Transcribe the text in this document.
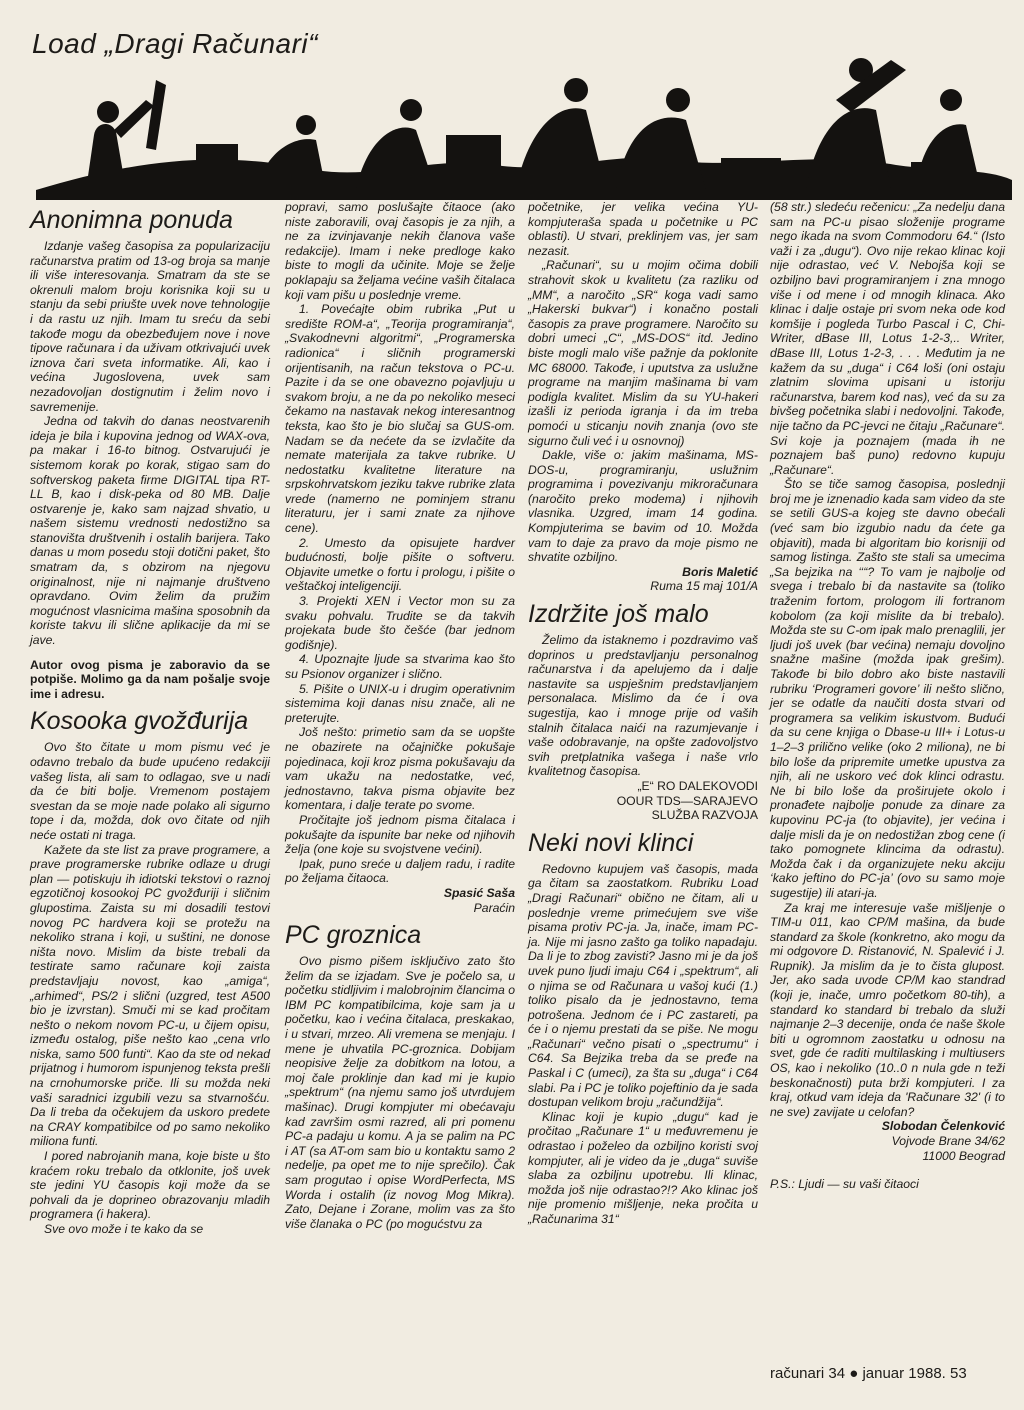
Load „Dragi Računari“
Anonimna ponuda

Izdanje vašeg časopisa za popularizaciju računarstva pratim od 13-og broja sa manje ili više interesovanja. Smatram da ste se okrenuli malom broju korisnika koji su u stanju da sebi priušte uvek nove tehnologije i da rastu uz njih. Imam tu sreću da sebi takođe mogu da obezbeđujem nove i nove tipove računara i da uživam otkrivajući uvek iznova čari sveta informatike. Ali, kao i većina Jugoslovena, uvek sam nezadovoljan dostignutim i želim novo i savremenije.

Jedna od takvih do danas neostvarenih ideja je bila i kupovina jednog od WAX-ova, pa makar i 16-to bitnog. Ostvarujući je sistemom korak po korak, stigao sam do softverskog paketa firme DIGITAL tipa RT-LL B, kao i disk-peka od 80 MB. Dalje ostvarenje je, kako sam najzad shvatio, u našem sistemu vrednosti nedostižno sa stanovišta društvenih i ostalih barijera. Tako danas u mom posedu stoji dotični paket, što smatram da, s obzirom na njegovu originalnost, nije ni najmanje društveno opravdano. Ovim želim da pružim mogućnost vlasnicima mašina sposobnih da koriste takvu ili slične aplikacije da mi se jave.

Autor ovog pisma je zaboravio da se potpiše. Molimo ga da nam pošalje svoje ime i adresu.

Kosooka gvožđurija

Ovo što čitate u mom pismu već je odavno trebalo da bude upućeno redakciji vašeg lista, ali sam to odlagao, sve u nadi da će biti bolje. Vremenom postajem svestan da se moje nade polako ali sigurno tope i da, možda, dok ovo čitate od njih neće ostati ni traga.

Kažete da ste list za prave programere, a prave programerske rubrike odlaze u drugi plan — potiskuju ih idiotski tekstovi o raznoj egzotičnoj kosookoj PC gvožđuriji i sličnim glupostima. Zaista su mi dosadili testovi novog PC hardvera koji se protežu na nekoliko strana i koji, u suštini, ne donose ništa novo. Mislim da biste trebali da testirate samo računare koji zaista predstavljaju novost, kao „amiga“, „arhimed“, PS/2 i slični (uzgred, test A500 bio je izvrstan). Smuči mi se kad pročitam nešto o nekom novom PC-u, u čijem opisu, između ostalog, piše nešto kao „cena vrlo niska, samo 500 funti“. Kao da ste od nekad prijatnog i humorom ispunjenog teksta prešli na crnohumorske priče. Ili su možda neki vaši saradnici izgubili vezu sa stvarnošću. Da li treba da očekujem da uskoro predete na CRAY kompatibilce od po samo nekoliko miliona funti.

I pored nabrojanih mana, koje biste u što kraćem roku trebalo da otklonite, još uvek ste jedini YU časopis koji može da se pohvali da je doprineo obrazovanju mladih programera (i hakera).

Sve ovo može i te kako da se

popravi, samo poslušajte čitaoce (ako niste zaboravili, ovaj časopis je za njih, a ne za izvinjavanje nekih članova vaše redakcije). Imam i neke predloge kako biste to mogli da učinite. Moje se želje poklapaju sa željama većine vaših čitalaca koji vam pišu u poslednje vreme.

1. Povećajte obim rubrika „Put u središte ROM-a“, „Teorija programiranja“, „Svakodnevni algoritmi“, „Programerska radionica“ i sličnih programerski orijentisanih, na račun tekstova o PC-u. Pazite i da se one obavezno pojavljuju u svakom broju, a ne da po nekoliko meseci čekamo na nastavak nekog interesantnog teksta, kao što je bio slučaj sa GUS-om. Nadam se da nećete da se izvlačite da nemate materijala za takve rubrike. U nedostatku kvalitetne literature na srpskohrvatskom jeziku takve rubrike zlata vrede (namerno ne pominjem stranu literaturu, jer i sami znate za njihove cene).

2. Umesto da opisujete hardver budućnosti, bolje pišite o softveru. Objavite umetke o fortu i prologu, i pišite o veštačkoj inteligenciji.

3. Projekti XEN i Vector mon su za svaku pohvalu. Trudite se da takvih projekata bude što češće (bar jednom godišnje).

4. Upoznajte ljude sa stvarima kao što su Psionov organizer i slično.

5. Pišite o UNIX-u i drugim operativnim sistemima koji danas nisu znače, ali ne preterujte.

Još nešto: primetio sam da se uopšte ne obazirete na očajničke pokušaje pojedinaca, koji kroz pisma pokušavaju da vam ukažu na nedostatke, već, jednostavno, takva pisma objavite bez komentara, i dalje terate po svome.

Pročitajte još jednom pisma čitalaca i pokušajte da ispunite bar neke od njihovih želja (one koje su svojstvene većini).

Ipak, puno sreće u daljem radu, i radite po željama čitaoca.

Spasić Saša

Paraćin

PC groznica

Ovo pismo pišem isključivo zato što želim da se izjadam. Sve je počelo sa, u početku stidljivim i malobrojnim člancima o IBM PC kompatibilcima, koje sam ja u početku, kao i većina čitalaca, preskakao, i u stvari, mrzeo. Ali vremena se menjaju. I mene je uhvatila PC-groznica. Dobijam neopisive želje za dobitkom na lotou, a moj čale proklinje dan kad mi je kupio „spektrum“ (na njemu samo još utvrdujem mašinac). Drugi kompjuter mi obećavaju kad završim osmi razred, ali pri pomenu PC-a padaju u komu. A ja se palim na PC i AT (sa AT-om sam bio u kontaktu samo 2 nedelje, pa opet me to nije sprečilo). Čak sam progutao i opise WordPerfecta, MS Worda i ostalih (iz novog Mog Mikra). Zato, Dejane i Zorane, molim vas za što više članaka o PC (po mogućstvu za

početnike, jer velika većina YU-kompjuteraša spada u početnike u PC oblasti). U stvari, preklinjem vas, jer sam nezasit.

„Računari“, su u mojim očima dobili strahovit skok u kvalitetu (za razliku od „MM“, a naročito „SR“ koga vadi samo „Hakerski bukvar“) i konačno postali časopis za prave programere. Naročito su dobri umeci „C“, „MS-DOS“ itd. Jedino biste mogli malo više pažnje da poklonite MC 68000. Takođe, i uputstva za uslužne programe na manjim mašinama bi vam podigla kvalitet. Mislim da su YU-hakeri izašli iz perioda igranja i da im treba pomoći u sticanju novih znanja (ovo ste sigurno čuli već i u osnovnoj)

Dakle, više o: jakim mašinama, MS-DOS-u, programiranju, uslužnim programima i povezivanju mikroračunara (naročito preko modema) i njihovih vlasnika. Uzgred, imam 14 godina. Kompjuterima se bavim od 10. Možda vam to daje za pravo da moje pismo ne shvatite ozbiljno.

Boris Maletić

Ruma 15 maj 101/A

Izdržite još malo

Želimo da istaknemo i pozdravimo vaš doprinos u predstavljanju personalnog računarstva i da apelujemo da i dalje nastavite sa uspješnim predstavljanjem personalaca. Mislimo da će i ova sugestija, kao i mnoge prije od vaših stalnih čitalaca naići na razumjevanje i vaše odobravanje, na opšte zadovoljstvo svih pretplatnika vašega i naše vrlo kvalitetnog časopisa.

„E“ RO DALEKOVODI

OOUR TDS—SARAJEVO

SLUŽBA RAZVOJA

Neki novi klinci

Redovno kupujem vaš časopis, mada ga čitam sa zaostatkom. Rubriku Load „Dragi Računari“ obično ne čitam, ali u poslednje vreme primećujem sve više pisama protiv PC-ja. Ja, inače, imam PC-ja. Nije mi jasno zašto ga toliko napadaju. Da li je to zbog zavisti? Jasno mi je da još uvek puno ljudi imaju C64 i „spektrum“, ali o njima se od Računara u vašoj kući (1.) toliko pisalo da je jednostavno, tema potrošena. Jednom će i PC zastareti, pa će i o njemu prestati da se piše. Ne mogu „Računari“ večno pisati o „spectrumu“ i C64. Sa Bejzika treba da se pređe na Paskal i C (umeci), za šta su „duga“ i C64 slabi. Pa i PC je toliko pojeftinio da je sada dostupan velikom broju „račundžija“.

Klinac koji je kupio „dugu“ kad je pročitao „Računare 1“ u međuvremenu je odrastao i poželeo da ozbiljno koristi svoj kompjuter, ali je video da je „duga“ suviše slaba za ozbiljnu upotrebu. Ili klinac, možda još nije odrastao?!? Ako klinac još nije promenio mišljenje, neka pročita u „Računarima 31“

(58 str.) sledeću rečenicu: „Za nedelju dana sam na PC-u pisao složenije programe nego ikada na svom Commodoru 64.“ (Isto važi i za „dugu“). Ovo nije rekao klinac koji nije odrastao, već V. Nebojša koji se ozbiljno bavi programiranjem i zna mnogo više i od mene i od mnogih klinaca. Ako klinac i dalje ostaje pri svom neka ode kod komšije i pogleda Turbo Pascal i C, Chi-Writer, dBase III, Lotus 1-2-3,.. Writer, dBase III, Lotus 1-2-3, . . . Međutim ja ne kažem da su „duga“ i C64 loši (oni ostaju zlatnim slovima upisani u istoriju računarstva, barem kod nas), već da su za bivšeg početnika slabi i nedovoljni. Takođe, nije tačno da PC-jevci ne čitaju „Računare“. Svi koje ja poznajem (mada ih ne poznajem baš puno) redovno kupuju „Računare“.

Što se tiče samog časopisa, poslednji broj me je iznenadio kada sam video da ste se setili GUS-a kojeg ste davno obećali (već sam bio izgubio nadu da ćete ga objaviti), mada bi algoritam bio korisniji od samog listinga. Zašto ste stali sa umecima „Sa bejzika na ‘‘“? To vam je najbolje od svega i trebalo bi da nastavite sa (toliko traženim fortom, prologom ili fortranom kobolom (za koji mislite da bi trebalo). Možda ste su C-om ipak malo prenaglili, jer ljudi još uvek (bar većina) nemaju dovoljno snažne mašine (možda ipak grešim). Takođe bi bilo dobro ako biste nastavili rubriku ‘Programeri govore’ ili nešto slično, jer se odatle da naučiti dosta stvari od programera sa velikim iskustvom. Budući da su cene knjiga o Dbase-u III+ i Lotus-u 1–2–3 prilično velike (oko 2 miliona), ne bi bilo loše da pripremite umetke upustva za njih, ali ne uskoro već dok klinci odrastu. Ne bi bilo loše da proširujete okolo i pronađete najbolje ponude za dinare za kupovinu PC-ja (to objavite), jer većina i dalje misli da je on nedostižan zbog cene (i tako pomognete klincima da odrastu). Možda čak i da organizujete neku akciju ‘kako jeftino do PC-ja’ (ovo su samo moje sugestije) ili atari-ja.

Za kraj me interesuje vaše mišljenje o TIM-u 011, kao CP/M mašina, da bude standard za škole (konkretno, ako mogu da mi odgovore D. Ristanović, N. Spalević i J. Rupnik). Ja mislim da je to čista glupost. Jer, ako sada uvode CP/M kao standrad (koji je, inače, umro početkom 80-tih), a standard ko standard bi trebalo da služi najmanje 2–3 decenije, onda će naše škole biti u ogromnom zaostatku u odnosu na svet, gde će raditi multilasking i multiusers OS, kao i nekoliko (10..0 n nula gde n teži beskonačnosti) puta brži kompjuteri. I za kraj, otkud vam ideja da 'Računare 32' (i to ne sve) zavijate u celofan?

Slobodan Čelenković

Vojvode Brane 34/62

11000 Beograd

P.S.: Ljudi — su vaši čitaoci

računari 34 ● januar 1988. 53
